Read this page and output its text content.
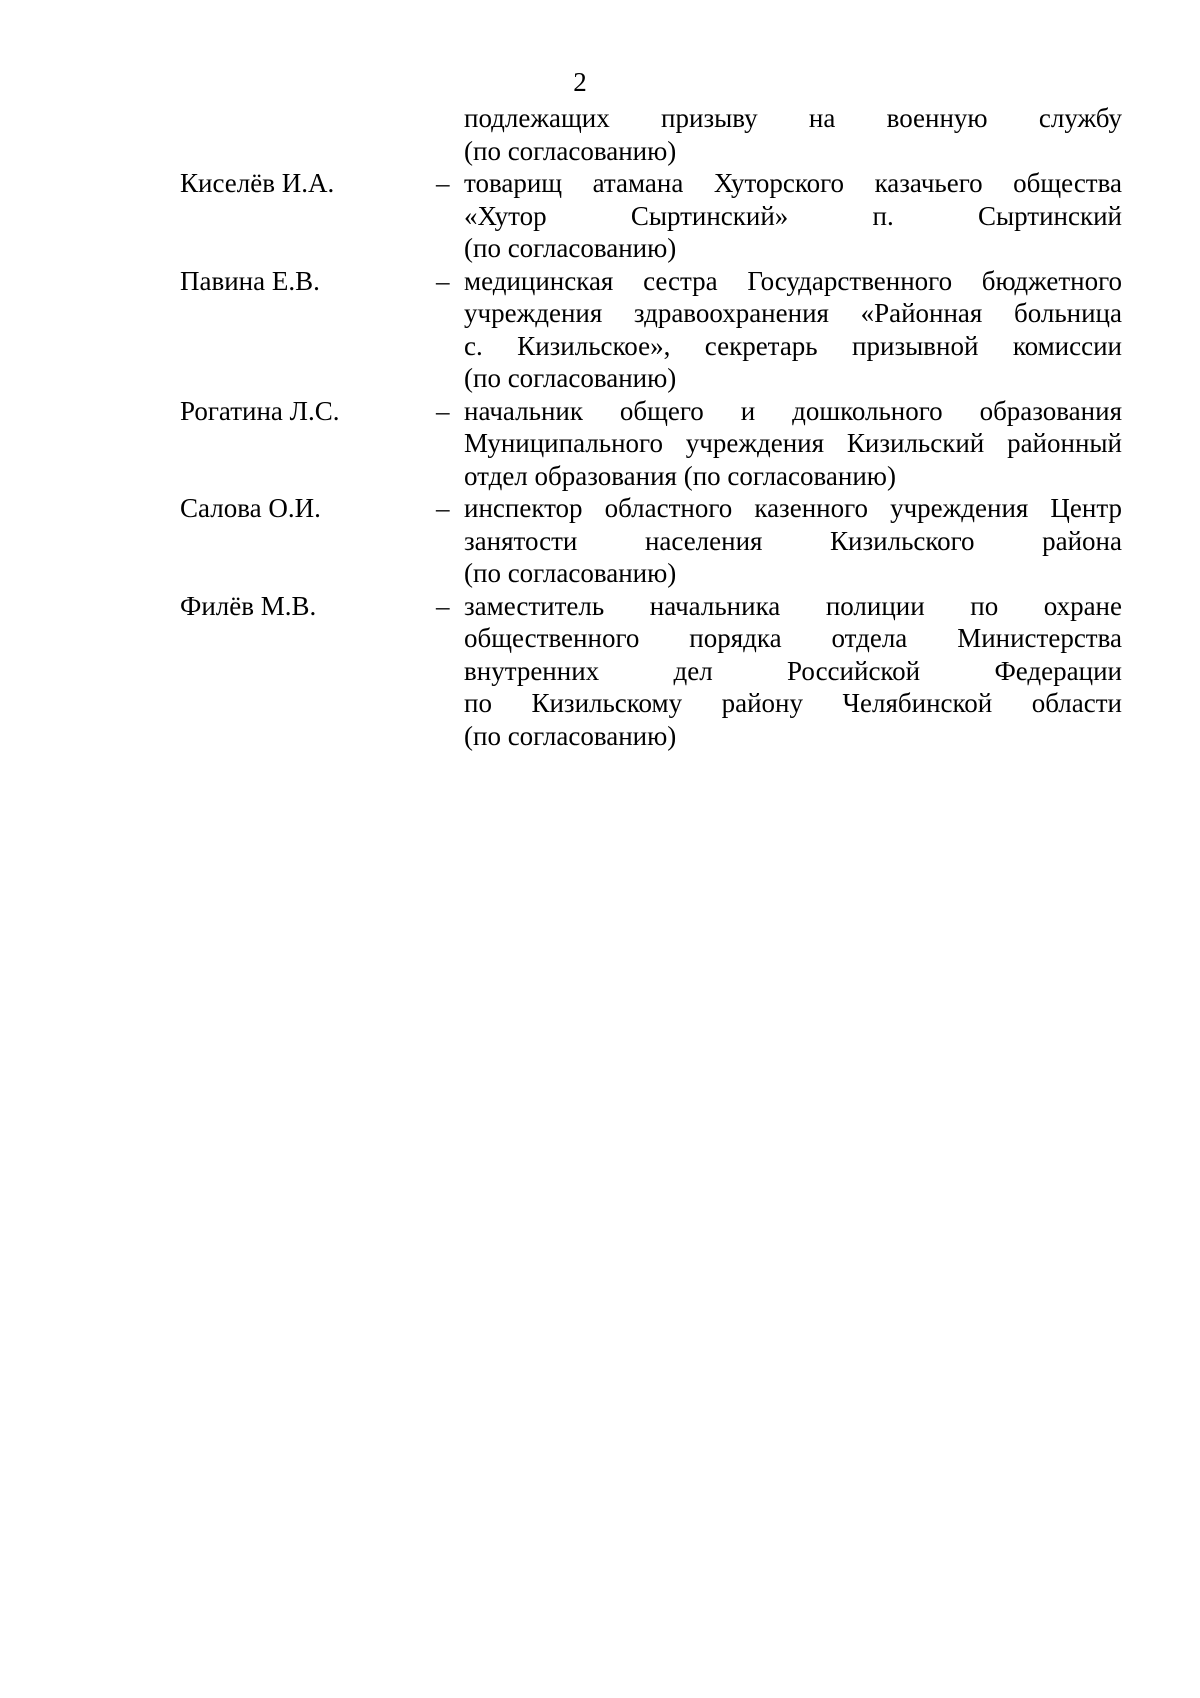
2
подлежащих призыву на военную службу
(по согласованию)
Киселёв И.А.	– товарищ атамана Хуторского казачьего общества
«Хутор Сыртинский» п. Сыртинский
(по согласованию)
Павина Е.В.	– медицинская сестра Государственного бюджетного
учреждения здравоохранения «Районная больница
с. Кизильское», секретарь призывной комиссии
(по согласованию)
Рогатина Л.С.	– начальник общего и дошкольного образования
Муниципального учреждения Кизильский районный
отдел образования (по согласованию)
Салова О.И.	– инспектор областного казенного учреждения Центр
занятости населения Кизильского района
(по согласованию)
Филёв М.В.	– заместитель начальника полиции по охране
общественного порядка отдела Министерства
внутренних дел Российской Федерации
по Кизильскому району Челябинской области
(по согласованию)
